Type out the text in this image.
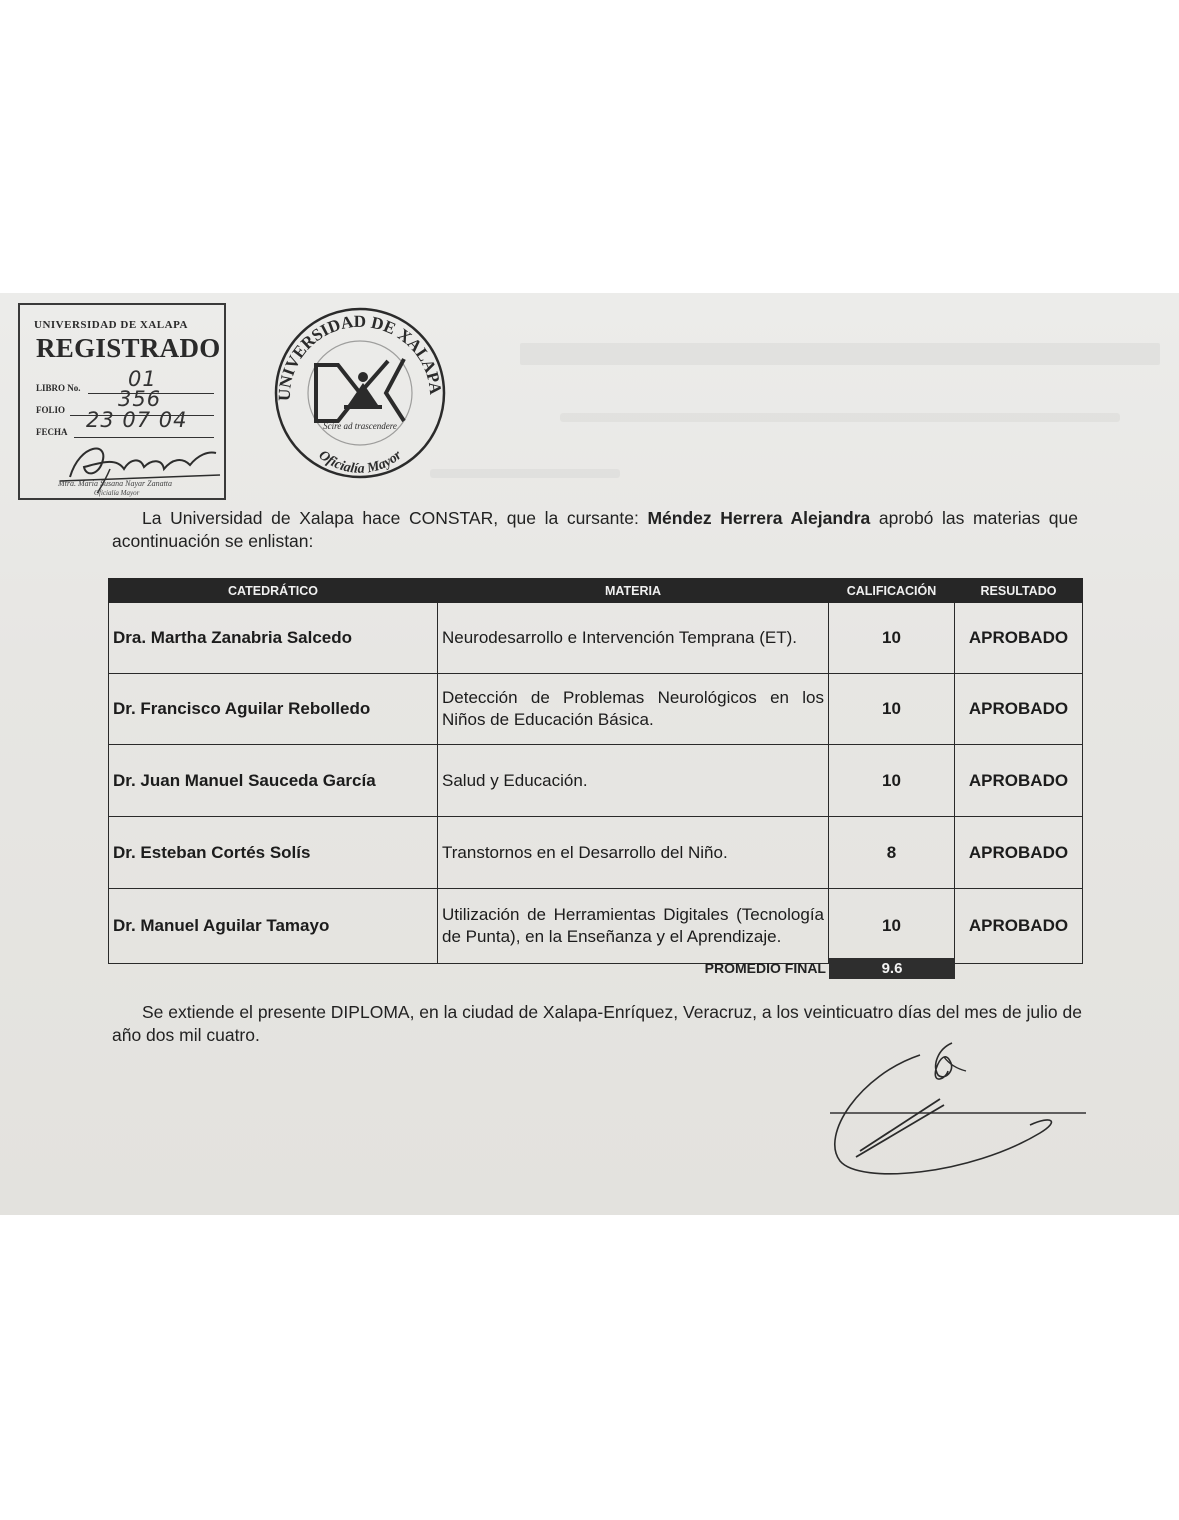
UNIVERSIDAD DE XALAPA
REGISTRADO
LIBRO No. 01
FOLIO	356
FECHA 23 07 04
Mtra. María Susana Nayar Zanatta
Oficialía Mayor
UNIVERSIDAD DE XALAPA
Oficialía Mayor
Scire ad trascendere
La Universidad de Xalapa hace CONSTAR, que la cursante: Méndez Herrera Alejandra aprobó las materias que acontinuación se enlistan:
CATEDRÁTICO	MATERIA	CALIFICACIÓN	RESULTADO
Dra. Martha Zanabria Salcedo	Neurodesarrollo e Intervención Temprana (ET).	10	APROBADO
Dr. Francisco Aguilar Rebolledo	Detección de Problemas Neurológicos en los Niños de Educación Básica.	10	APROBADO
Dr. Juan Manuel Sauceda García	Salud y Educación.	10	APROBADO
Dr. Esteban Cortés Solís	Transtornos en el Desarrollo del Niño.	8	APROBADO
Dr. Manuel Aguilar Tamayo	Utilización de Herramientas Digitales (Tecnología de Punta), en la Enseñanza y el Aprendizaje.	10	APROBADO
PROMEDIO FINAL	9.6
Se extiende el presente DIPLOMA, en la ciudad de Xalapa-Enríquez, Veracruz, a los veinticuatro días del mes de julio de año dos mil cuatro.
